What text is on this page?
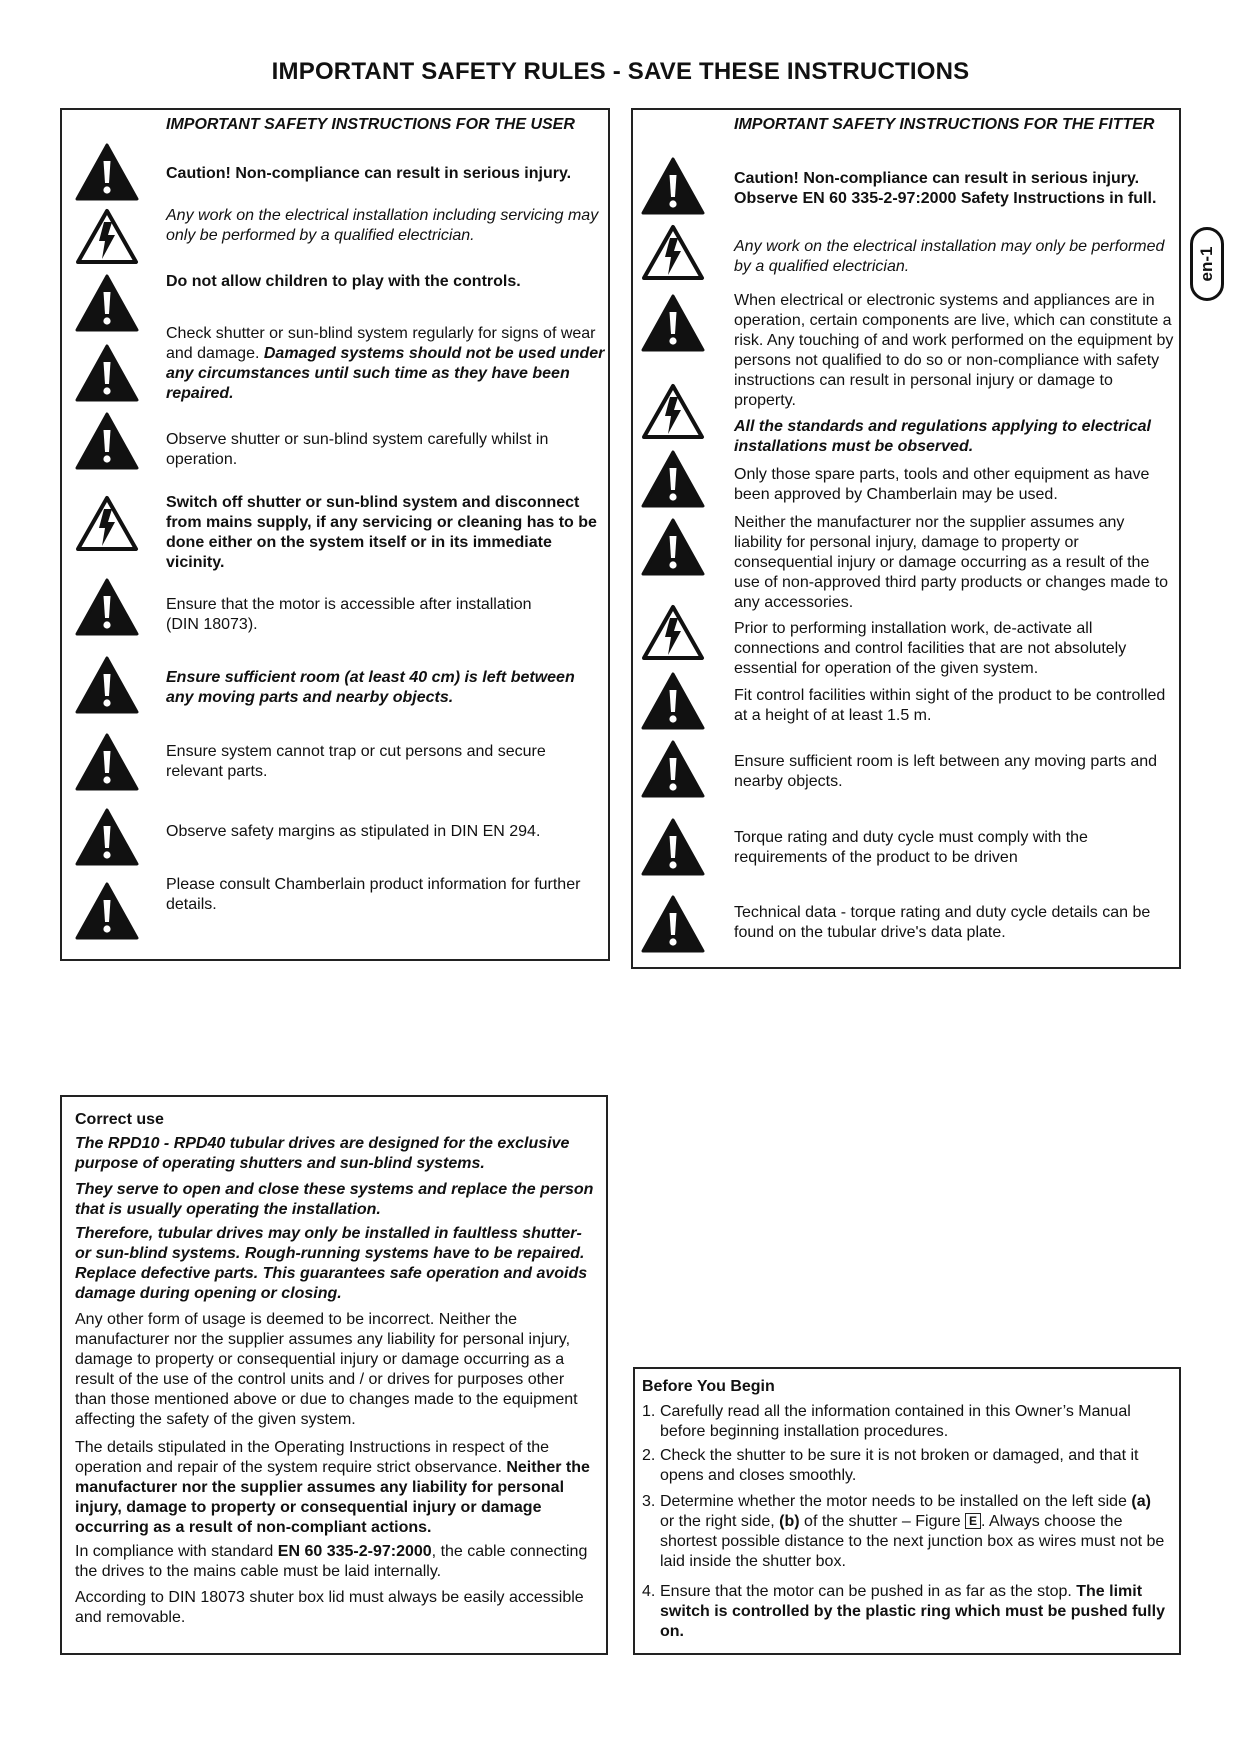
IMPORTANT SAFETY RULES - SAVE THESE INSTRUCTIONS
en-1
IMPORTANT SAFETY INSTRUCTIONS FOR THE USER
Caution! Non-compliance can result in serious injury.
Any work on the electrical installation including servicing may only be performed by a qualified electrician.
Do not allow children to play with the controls.
Check shutter or sun-blind system regularly for signs of wear and damage. Damaged systems should not be used under any circumstances until such time as they have been repaired.
Observe shutter or sun-blind system carefully whilst in operation.
Switch off shutter or sun-blind system and disconnect from mains supply, if any servicing or cleaning has to be done either on the system itself or in its immediate vicinity.
Ensure that the motor is accessible after installation
(DIN 18073).
Ensure sufficient room (at least 40 cm) is left between any moving parts and nearby objects.
Ensure system cannot trap or cut persons and secure relevant parts.
Observe safety margins as stipulated in DIN EN 294.
Please consult Chamberlain product information for further details.
IMPORTANT SAFETY INSTRUCTIONS FOR THE FITTER
Caution! Non-compliance can result in serious injury. Observe EN 60 335-2-97:2000 Safety Instructions in full.
Any work on the electrical installation may only be performed by a qualified electrician.
When electrical or electronic systems and appliances are in operation, certain components are live, which can constitute a risk. Any touching of and work performed on the equipment by persons not qualified to do so or non-compliance with safety instructions can result in personal injury or damage to property.
All the standards and regulations applying to electrical installations must be observed.
Only those spare parts, tools and other equipment as have been approved by Chamberlain may be used.
Neither the manufacturer nor the supplier assumes any liability for personal injury, damage to property or consequential injury or damage occurring as a result of the use of non-approved third party products or changes made to any accessories.
Prior to performing installation work, de-activate all connections and control facilities that are not absolutely essential for operation of the given system.
Fit control facilities within sight of the product to be controlled at a height of at least 1.5 m.
Ensure sufficient room is left between any moving parts and nearby objects.
Torque rating and duty cycle must comply with the requirements of the product to be driven
Technical data - torque rating and duty cycle details can be found on the tubular drive's data plate.
Correct use
The RPD10 - RPD40 tubular drives are designed for the exclusive purpose of operating shutters and sun-blind systems.
They serve to open and close these systems and replace the person that is usually operating the installation.
Therefore, tubular drives may only be installed in faultless shutter- or sun-blind systems. Rough-running systems have to be repaired. Replace defective parts. This guarantees safe operation and avoids damage during opening or closing.
Any other form of usage is deemed to be incorrect. Neither the manufacturer nor the supplier assumes any liability for personal injury, damage to property or consequential injury or damage occurring as a result of the use of the control units and / or drives for purposes other than those mentioned above or due to changes made to the equipment affecting the safety of the given system.
The details stipulated in the Operating Instructions in respect of the operation and repair of the system require strict observance. Neither the manufacturer nor the supplier assumes any liability for personal injury, damage to property or consequential injury or damage occurring as a result of non-compliant actions.
In compliance with standard EN 60 335-2-97:2000, the cable connecting the drives to the mains cable must be laid internally.
According to DIN 18073 shuter box lid must always be easily accessible and removable.
Before You Begin
1. Carefully read all the information contained in this Owner’s Manual before beginning installation procedures.
2. Check the shutter to be sure it is not broken or damaged, and that it opens and closes smoothly.
3. Determine whether the motor needs to be installed on the left side (a) or the right side, (b) of the shutter – Figure E . Always choose the shortest possible distance to the next junction box as wires must not be laid inside the shutter box.
4. Ensure that the motor can be pushed in as far as the stop. The limit switch is controlled by the plastic ring which must be pushed fully on.
